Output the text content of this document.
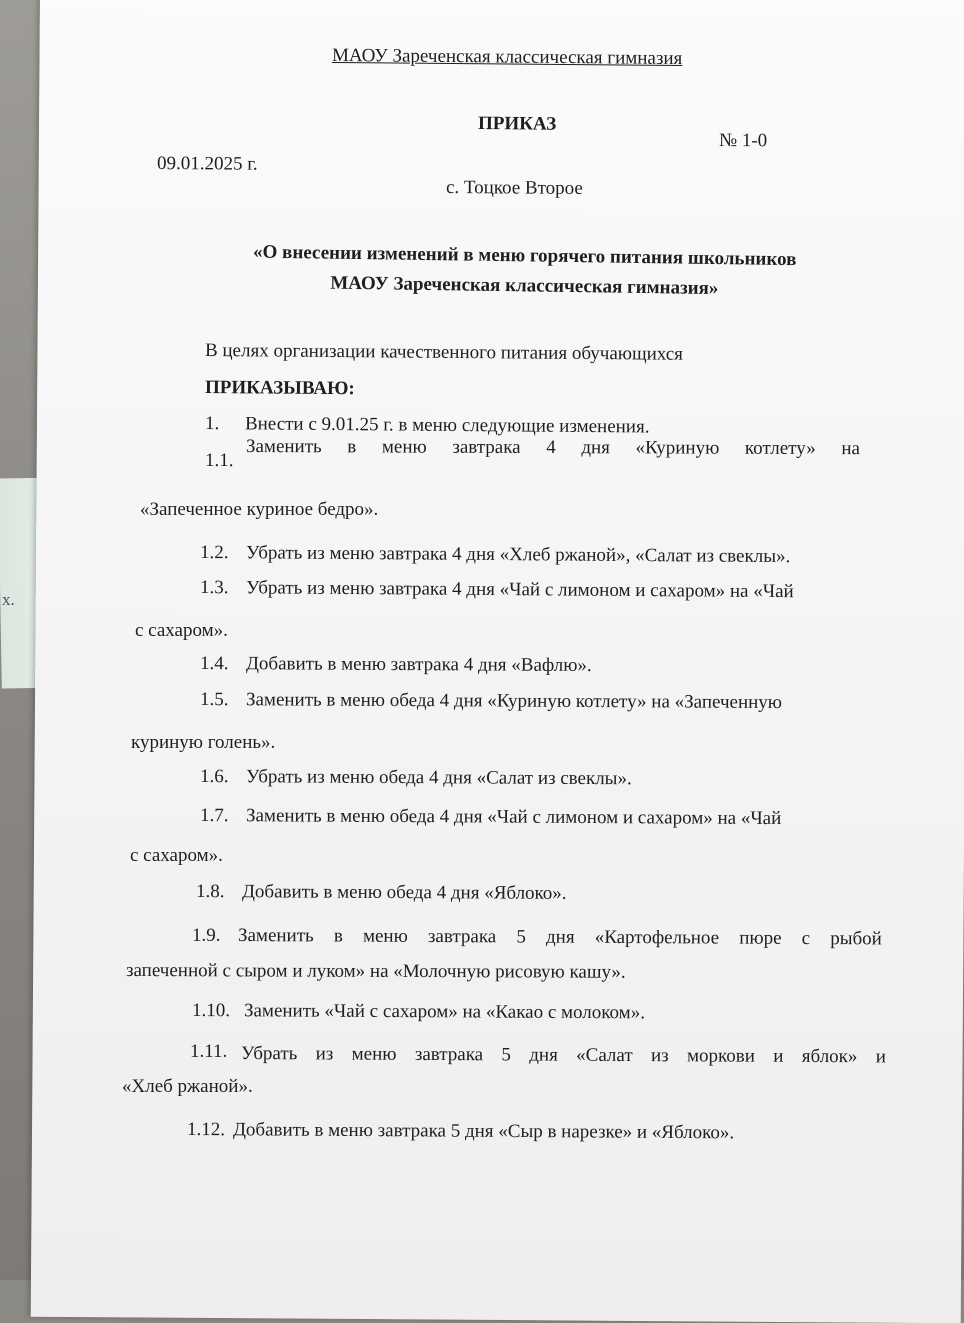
х.
МАОУ Зареченская классическая гимназия
ПРИКАЗ
№ 1-0
09.01.2025 г.
с. Тоцкое Второе
«О внесении изменений в меню горячего питания школьников
МАОУ Зареченская классическая гимназия»
В целях организации качественного питания обучающихся
ПРИКАЗЫВАЮ:
1. Внести с 9.01.25 г. в меню следующие изменения.
1.1.
Заменить в меню завтрака 4 дня «Куриную котлету» на
«Запеченное куриное бедро».
1.2. Убрать из меню завтрака 4 дня «Хлеб ржаной», «Салат из свеклы».
1.3. Убрать из меню завтрака 4 дня «Чай с лимоном и сахаром» на «Чай
с сахаром».
1.4. Добавить в меню завтрака 4 дня «Вафлю».
1.5. Заменить в меню обеда 4 дня «Куриную котлету» на «Запеченную
куриную голень».
1.6. Убрать из меню обеда 4 дня «Салат из свеклы».
1.7. Заменить в меню обеда 4 дня «Чай с лимоном и сахаром» на «Чай
с сахаром».
1.8. Добавить в меню обеда 4 дня «Яблоко».
1.9. Заменить в меню завтрака 5 дня «Картофельное пюре с рыбой
запеченной с сыром и луком» на «Молочную рисовую кашу».
1.10. Заменить «Чай с сахаром» на «Какао с молоком».
1.11. Убрать из меню завтрака 5 дня «Салат из моркови и яблок» и
«Хлеб ржаной».
1.12. Добавить в меню завтрака 5 дня «Сыр в нарезке» и «Яблоко».
